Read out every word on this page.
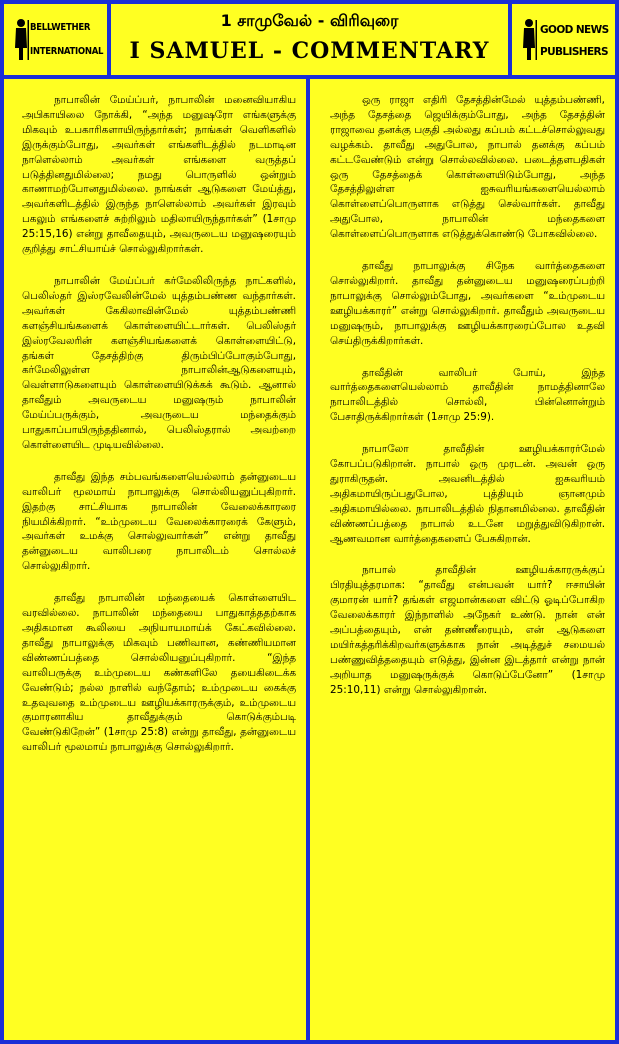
BELLWETHER
INTERNATIONAL
1 சாமுவேல் - விரிவுரை
I SAMUEL - COMMENTARY
GOOD NEWS
PUBLISHERS

நாபாலின் மேய்ப்பர், நாபாலின் மனைவியாகிய அபிகாயிலை நோக்கி, “அந்த மனுஷரோ எங்களுக்கு மிகவும் உபகாரிகளாயிருந்தார்கள்; நாங்கள் வெளிகளில் இருக்கும்போது, அவர்கள் எங்களிடத்தில் நடமாடின நாளெல்லாம் அவர்கள் எங்களை வருத்தப் படுத்தினதுமில்லை; நமது பொருளில் ஒன்றும் காணாமற்போனதுமில்லை. நாங்கள் ஆடுகளை மேய்த்து, அவர்களிடத்தில் இருந்த நாளெல்லாம் அவர்கள் இரவும் பகலும் எங்களைச் சுற்றிலும் மதிலாயிருந்தார்கள்” (1சாமு 25:15,16) என்று தாவீதையும், அவருடைய மனுஷரையும் குறித்து சாட்சியாய்ச் சொல்லுகிறார்கள்.

நாபாலின் மேய்ப்பர் கர்மேலிலிருந்த நாட்களில், பெலிஸ்தர் இஸ்ரவேலின்மேல் யுத்தம்பண்ண வந்தார்கள். அவர்கள் கேகிலாவின்மேல் யுத்தம்பண்ணி களஞ்சியங்களைக் கொள்ளையிட்டார்கள். பெலிஸ்தர் இஸ்ரவேலரின் களஞ்சியங்களைக் கொள்ளையிட்டு, தங்கள் தேசத்திற்கு திரும்பிப்போகும்போது, கர்மேலிலுள்ள நாபாலின்ஆடுகளையும், வெள்ளாடுகளையும் கொள்ளையிடுக்கக் கூடும். ஆனால் தாவீதும் அவருடைய மனுஷரும் நாபாலின் மேய்ப்பருக்கும், அவருடைய மந்தைக்கும் பாதுகாப்பாயிருந்ததினால், பெலிஸ்தரால் அவற்றை கொள்ளையிட முடியவில்லை.

தாவீது இந்த சம்பவங்களையெல்லாம் தன்னுடைய வாலிபர் மூலமாய் நாபாலுக்கு சொல்லியனுப்புகிறார். இதற்கு சாட்சியாக நாபாலின் வேலைக்காரரை நியமிக்கிறார். “உம்முடைய வேலைக்காரரைக் கேளும், அவர்கள் உமக்கு சொல்லுவார்கள்” என்று தாவீது தன்னுடைய வாலிபரை நாபாலிடம் சொல்லச் சொல்லுகிறார்.

தாவீது நாபாலின் மந்தையைக் கொள்ளையிட வரவில்லை. நாபாலின் மந்தையை பாதுகாத்ததற்காக அதிகமான கூலியை அநியாயமாய்க் கேட்கவில்லை. தாவீது நாபாலுக்கு மிகவும் பணிவான, கண்ணியமான விண்ணப்பத்தை சொல்லியனுப்புகிறார். “இந்த வாலிபருக்கு உம்முடைய கண்களிலே தயைகிடைக்க வேண்டும்; நல்ல நாளில் வந்தோம்; உம்முடைய கைக்கு உதவுவதை உம்முடைய ஊழியக்காரருக்கும், உம்முடைய குமாரனாகிய தாவீதுக்கும் கொடுக்கும்படி வேண்டுகிறேன்” (1சாமு 25:8) என்று தாவீது, தன்னுடைய வாலிபர் மூலமாய் நாபாலுக்கு சொல்லுகிறார்.

ஒரு ராஜா எதிரி தேசத்தின்மேல் யுத்தம்பண்ணி, அந்த தேசத்தை ஜெயிக்கும்போது, அந்த தேசத்தின் ராஜாவை தனக்கு பகுதி அல்லது கப்பம் கட்டச்சொல்லுவது வழக்கம். தாவீது அதுபோல, நாபால் தனக்கு கப்பம் கட்டவேண்டும் என்று சொல்லவில்லை. படைத்தளபதிகள் ஒரு தேசத்தைக் கொள்ளையிடும்போது, அந்த தேசத்திலுள்ள ஐசுவரியங்களையெல்லாம் கொள்ளைப்பொருளாக எடுத்து செல்வார்கள். தாவீது அதுபோல, நாபாலின் மந்தைகளை கொள்ளைப்பொருளாக எடுத்துக்கொண்டு போகவில்லை.

தாவீது நாபாலுக்கு சிநேக வார்த்தைகளை சொல்லுகிறார். தாவீது தன்னுடைய மனுஷரைப்பற்றி நாபாலுக்கு சொல்லும்போது, அவர்களை “உம்முடைய ஊழியக்காரர்” என்று சொல்லுகிறார். தாவீதும் அவருடைய மனுஷரும், நாபாலுக்கு ஊழியக்காரரைப்போல உதவி செய்திருக்கிறார்கள்.

தாவீதின் வாலிபர் போய், இந்த வார்த்தைகளையெல்லாம் தாவீதின் நாமத்தினாலே நாபாலிடத்தில் சொல்லி, பின்னொன்றும் பேசாதிருக்கிறார்கள் (1சாமு 25:9).

நாபாலோ தாவீதின் ஊழியக்காரர்மேல் கோபப்படுகிறான். நாபால் ஒரு முரடன். அவன் ஒரு துராகிருதன். அவனிடத்தில் ஐசுவரியம் அதிகமாயிருப்பதுபோல, புத்தியும் ஞானமும் அதிகமாயில்லை. நாபாலிடத்தில் நிதானமில்லை. தாவீதின் விண்ணப்பத்தை நாபால் உடனே மறுத்துவிடுகிறான். ஆணவமான வார்த்தைகளைப் பேசுகிறான்.

நாபால் தாவீதின் ஊழியக்காரருக்குப் பிரதியுத்தரமாக: “தாவீது என்பவன் யார்? ஈசாயின் குமாரன் யார்? தங்கள் எஜமான்களை விட்டு ஓடிப்போகிற வேலைக்காரர் இந்நாளில் அநேகர் உண்டு. நான் என் அப்பத்தையும், என் தண்ணீரையும், என் ஆடுகளை மயிர்கத்தரிக்கிறவர்களுக்காக நான் அடித்துச் சமையல் பண்ணுவித்ததையும் எடுத்து, இன்ன இடத்தார் என்று நான் அறியாத மனுஷருக்குக் கொடுப்பேனோ” (1சாமு 25:10,11) என்று சொல்லுகிறான்.
